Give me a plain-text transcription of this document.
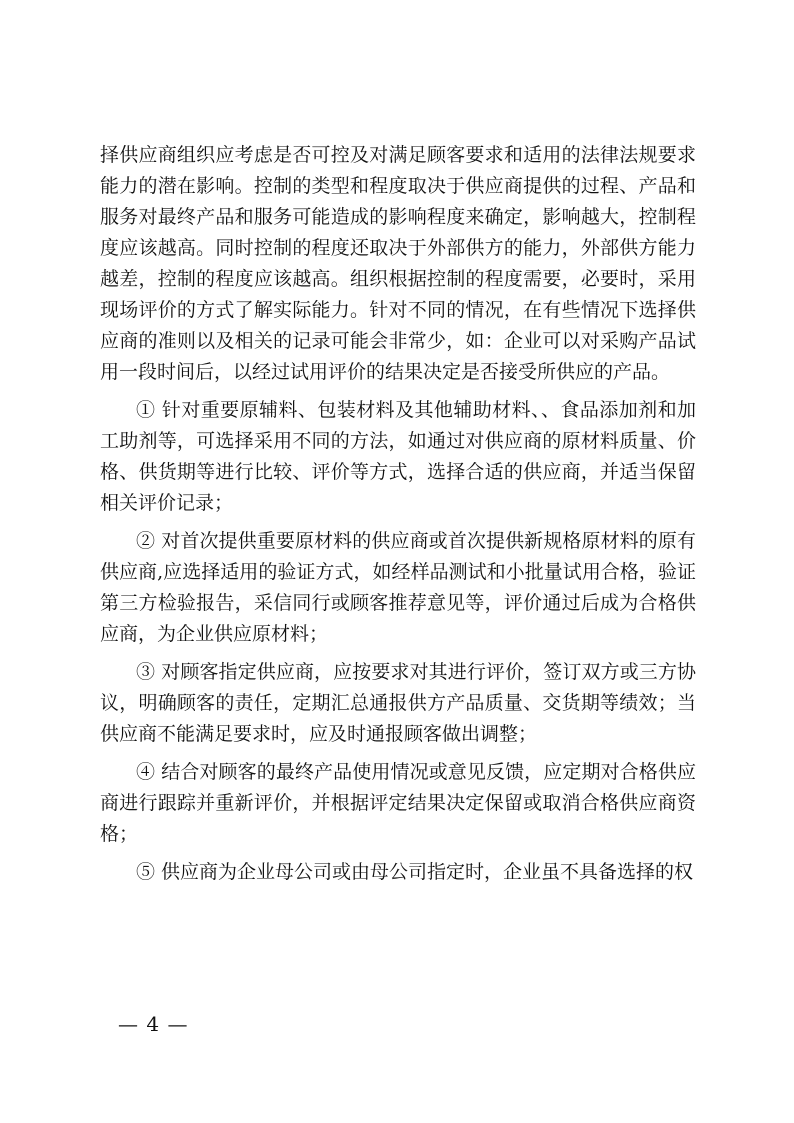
择供应商组织应考虑是否可控及对满足顾客要求和适用的法律法规要求能力的潜在影响。控制的类型和程度取决于供应商提供的过程、产品和服务对最终产品和服务可能造成的影响程度来确定，影响越大，控制程度应该越高。同时控制的程度还取决于外部供方的能力，外部供方能力越差，控制的程度应该越高。组织根据控制的程度需要，必要时，采用现场评价的方式了解实际能力。针对不同的情况，在有些情况下选择供应商的准则以及相关的记录可能会非常少，如：企业可以对采购产品试用一段时间后，以经过试用评价的结果决定是否接受所供应的产品。

① 针对重要原辅料、包装材料及其他辅助材料、、食品添加剂和加工助剂等，可选择采用不同的方法，如通过对供应商的原材料质量、价格、供货期等进行比较、评价等方式，选择合适的供应商，并适当保留相关评价记录；

② 对首次提供重要原材料的供应商或首次提供新规格原材料的原有供应商,应选择适用的验证方式，如经样品测试和小批量试用合格，验证第三方检验报告，采信同行或顾客推荐意见等，评价通过后成为合格供应商，为企业供应原材料；

③ 对顾客指定供应商，应按要求对其进行评价，签订双方或三方协议，明确顾客的责任，定期汇总通报供方产品质量、交货期等绩效；当供应商不能满足要求时，应及时通报顾客做出调整；

④ 结合对顾客的最终产品使用情况或意见反馈，应定期对合格供应商进行跟踪并重新评价，并根据评定结果决定保留或取消合格供应商资格；

⑤ 供应商为企业母公司或由母公司指定时，企业虽不具备选择的权

— 4 —
